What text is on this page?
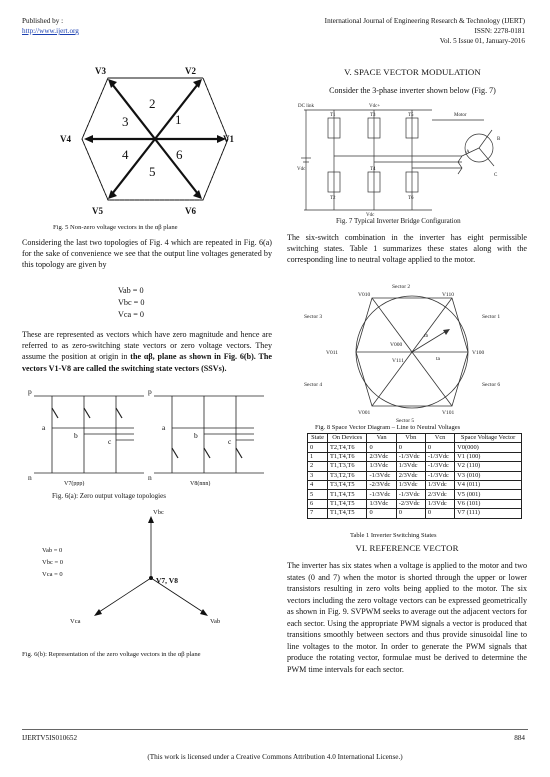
Published by :
http://www.ijert.org
International Journal of Engineering Research & Technology (IJERT)
ISSN: 2278-0181
Vol. 5 Issue 01, January-2016
1
2
3
4
5
6
V1
V2
V3
V4
V5	V6
Fig. 5 Non-zero voltage vectors in the αβ plane
Considering the last two topologies of Fig. 4 which are repeated in Fig. 6(a) for the sake of convenience we see that the output line voltages generated by this topology are given by
Vab = 0
Vbc = 0
Vca = 0
These are represented as vectors which have zero magnitude and hence are referred to as zero-switching state vectors or zero voltage vectors. They assume the position at origin in the αβ, plane as shown in Fig. 6(b). The vectors V1-V8 are called the switching state vectors (SSVs).
p	p
a
b
c
a
b
c
n	n
V7(ppp)	V8(nnn)
Fig. 6(a): Zero output voltage topologies
Vbc
Vca	Vab
Vab = 0
Vbc = 0
Vca = 0
V7, V8
Fig. 6(b): Representation of the zero voltage vectors in the αβ plane
V. SPACE VECTOR MODULATION
Consider the 3-phase inverter shown below (Fig. 7)
DC link	Vdc+
Motor
T1	T3	T5
T2
T4
T6
A
B
C
Vdc
Vdc
Fig. 7 Typical Inverter Bridge Configuration
The six-switch combination in the inverter has eight permissible switching states. Table 1 summarizes these states along with the corresponding line to neutral voltage applied to the motor.
Sector 2
Sector 3	Sector 1
Sector 4	Sector 6
Sector 5
V010	V110
V011	V100
V001	V101
V000
V111
tb
ta
Fig. 8 Space Vector Diagram – Line to Neutral Voltages
State	On Devices	Van	Vbn	Vcn	Space Voltage Vector
0	T2,T4,T6	0	0	0	V0(000)
1	T1,T4,T6	2/3Vdc	-1/3Vdc	-1/3Vdc	V1 (100)
2	T1,T3,T6	1/3Vdc	1/3Vdc	-1/3Vdc	V2 (110)
3	T3,T2,T6	-1/3Vdc	2/3Vdc	-1/3Vdc	V3 (010)
4	T3,T4,T5	-2/3Vdc	1/3Vdc	1/3Vdc	V4 (011)
5	T1,T4,T5	-1/3Vdc	-1/3Vdc	2/3Vdc	V5 (001)
6	T1,T4,T5	1/3Vdc	-2/3Vdc	1/3Vdc	V6 (101)
7	T1,T4,T5	0	0	0	V7 (111)
Table 1 Inverter Switching States
VI. REFERENCE VECTOR
The inverter has six states when a voltage is applied to the motor and two states (0 and 7) when the motor is shorted through the upper or lower transistors resulting in zero volts being applied to the motor. The six vectors including the zero voltage vectors can be expressed geometrically as shown in Fig. 9. SVPWM seeks to average out the adjacent vectors for each sector. Using the appropriate PWM signals a vector is produced that transitions smoothly between sectors and thus provide sinusoidal line to line voltages to the motor. In order to generate the PWM signals that produce the rotating vector, formulae must be derived to determine the PWM time intervals for each sector.
IJERTV5IS010652	884
(This work is licensed under a Creative Commons Attribution 4.0 International License.)
